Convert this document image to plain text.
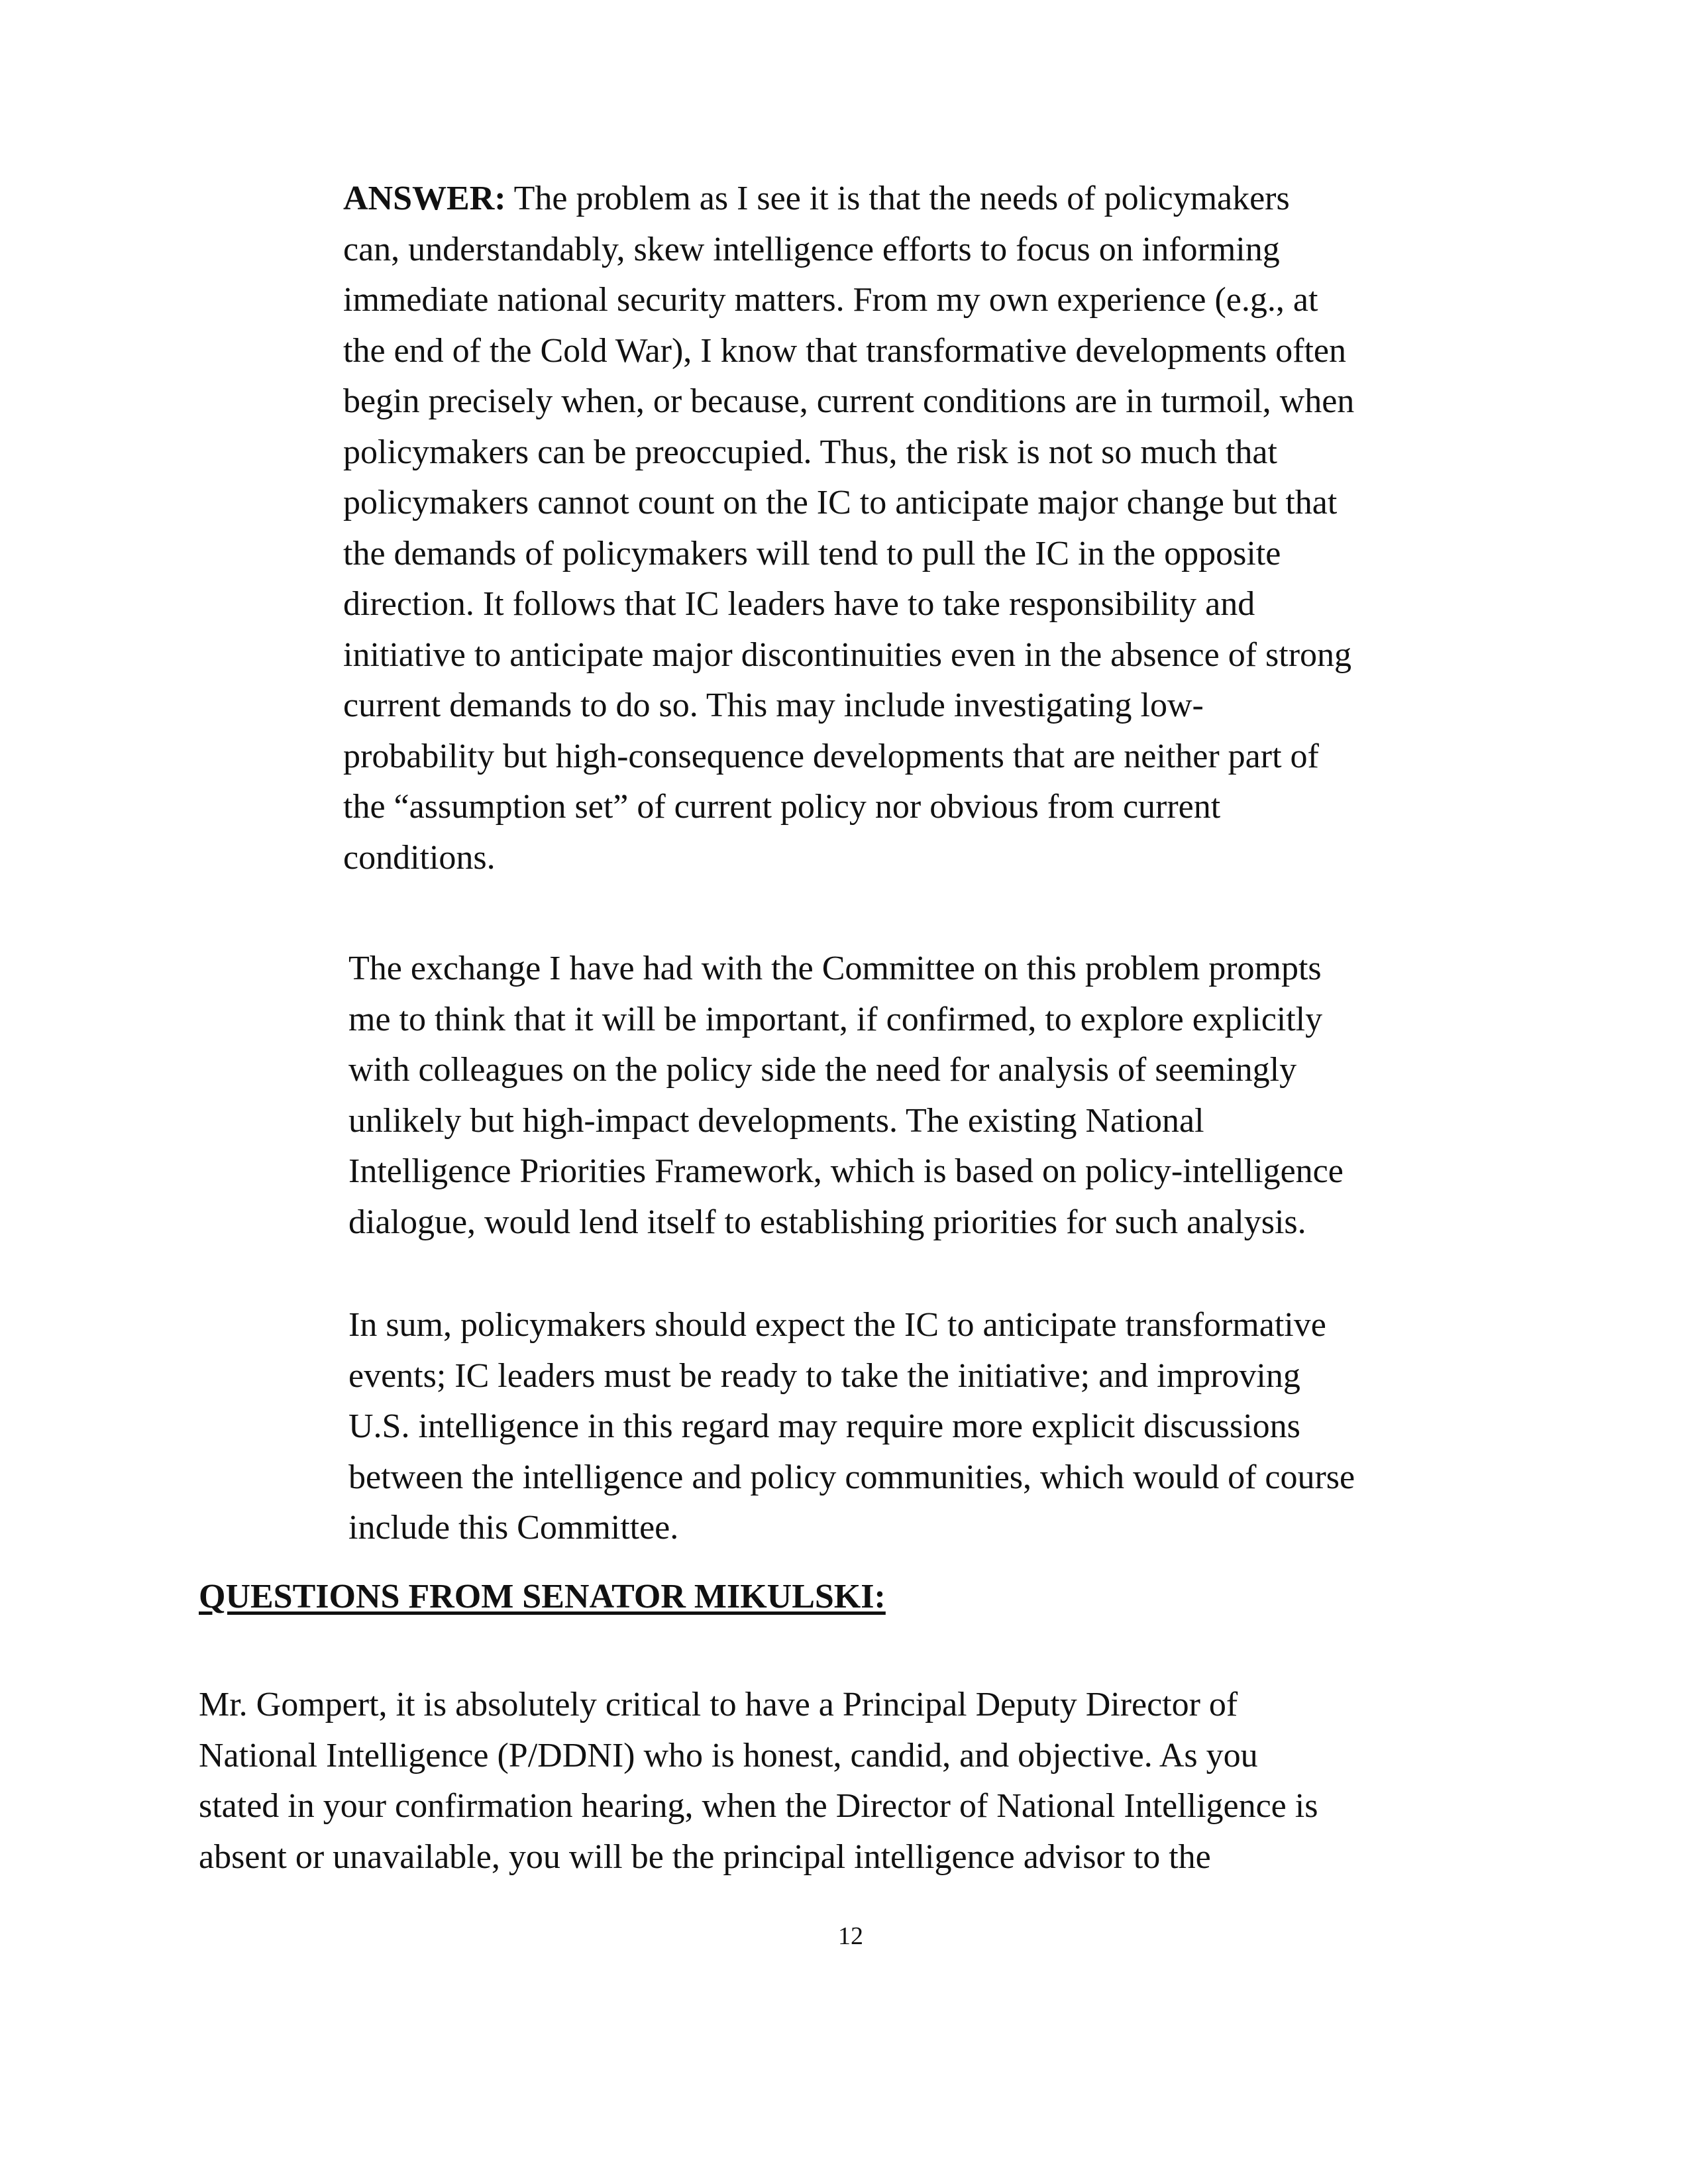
ANSWER: The problem as I see it is that the needs of policymakers
can, understandably, skew intelligence efforts to focus on informing
immediate national security matters. From my own experience (e.g., at
the end of the Cold War), I know that transformative developments often
begin precisely when, or because, current conditions are in turmoil, when
policymakers can be preoccupied. Thus, the risk is not so much that
policymakers cannot count on the IC to anticipate major change but that
the demands of policymakers will tend to pull the IC in the opposite
direction. It follows that IC leaders have to take responsibility and
initiative to anticipate major discontinuities even in the absence of strong
current demands to do so. This may include investigating low-
probability but high-consequence developments that are neither part of
the “assumption set” of current policy nor obvious from current
conditions.

The exchange I have had with the Committee on this problem prompts
me to think that it will be important, if confirmed, to explore explicitly
with colleagues on the policy side the need for analysis of seemingly
unlikely but high-impact developments. The existing National
Intelligence Priorities Framework, which is based on policy-intelligence
dialogue, would lend itself to establishing priorities for such analysis.

In sum, policymakers should expect the IC to anticipate transformative
events; IC leaders must be ready to take the initiative; and improving
U.S. intelligence in this regard may require more explicit discussions
between the intelligence and policy communities, which would of course
include this Committee.

QUESTIONS FROM SENATOR MIKULSKI:

Mr. Gompert, it is absolutely critical to have a Principal Deputy Director of
National Intelligence (P/DDNI) who is honest, candid, and objective. As you
stated in your confirmation hearing, when the Director of National Intelligence is
absent or unavailable, you will be the principal intelligence advisor to the

12
